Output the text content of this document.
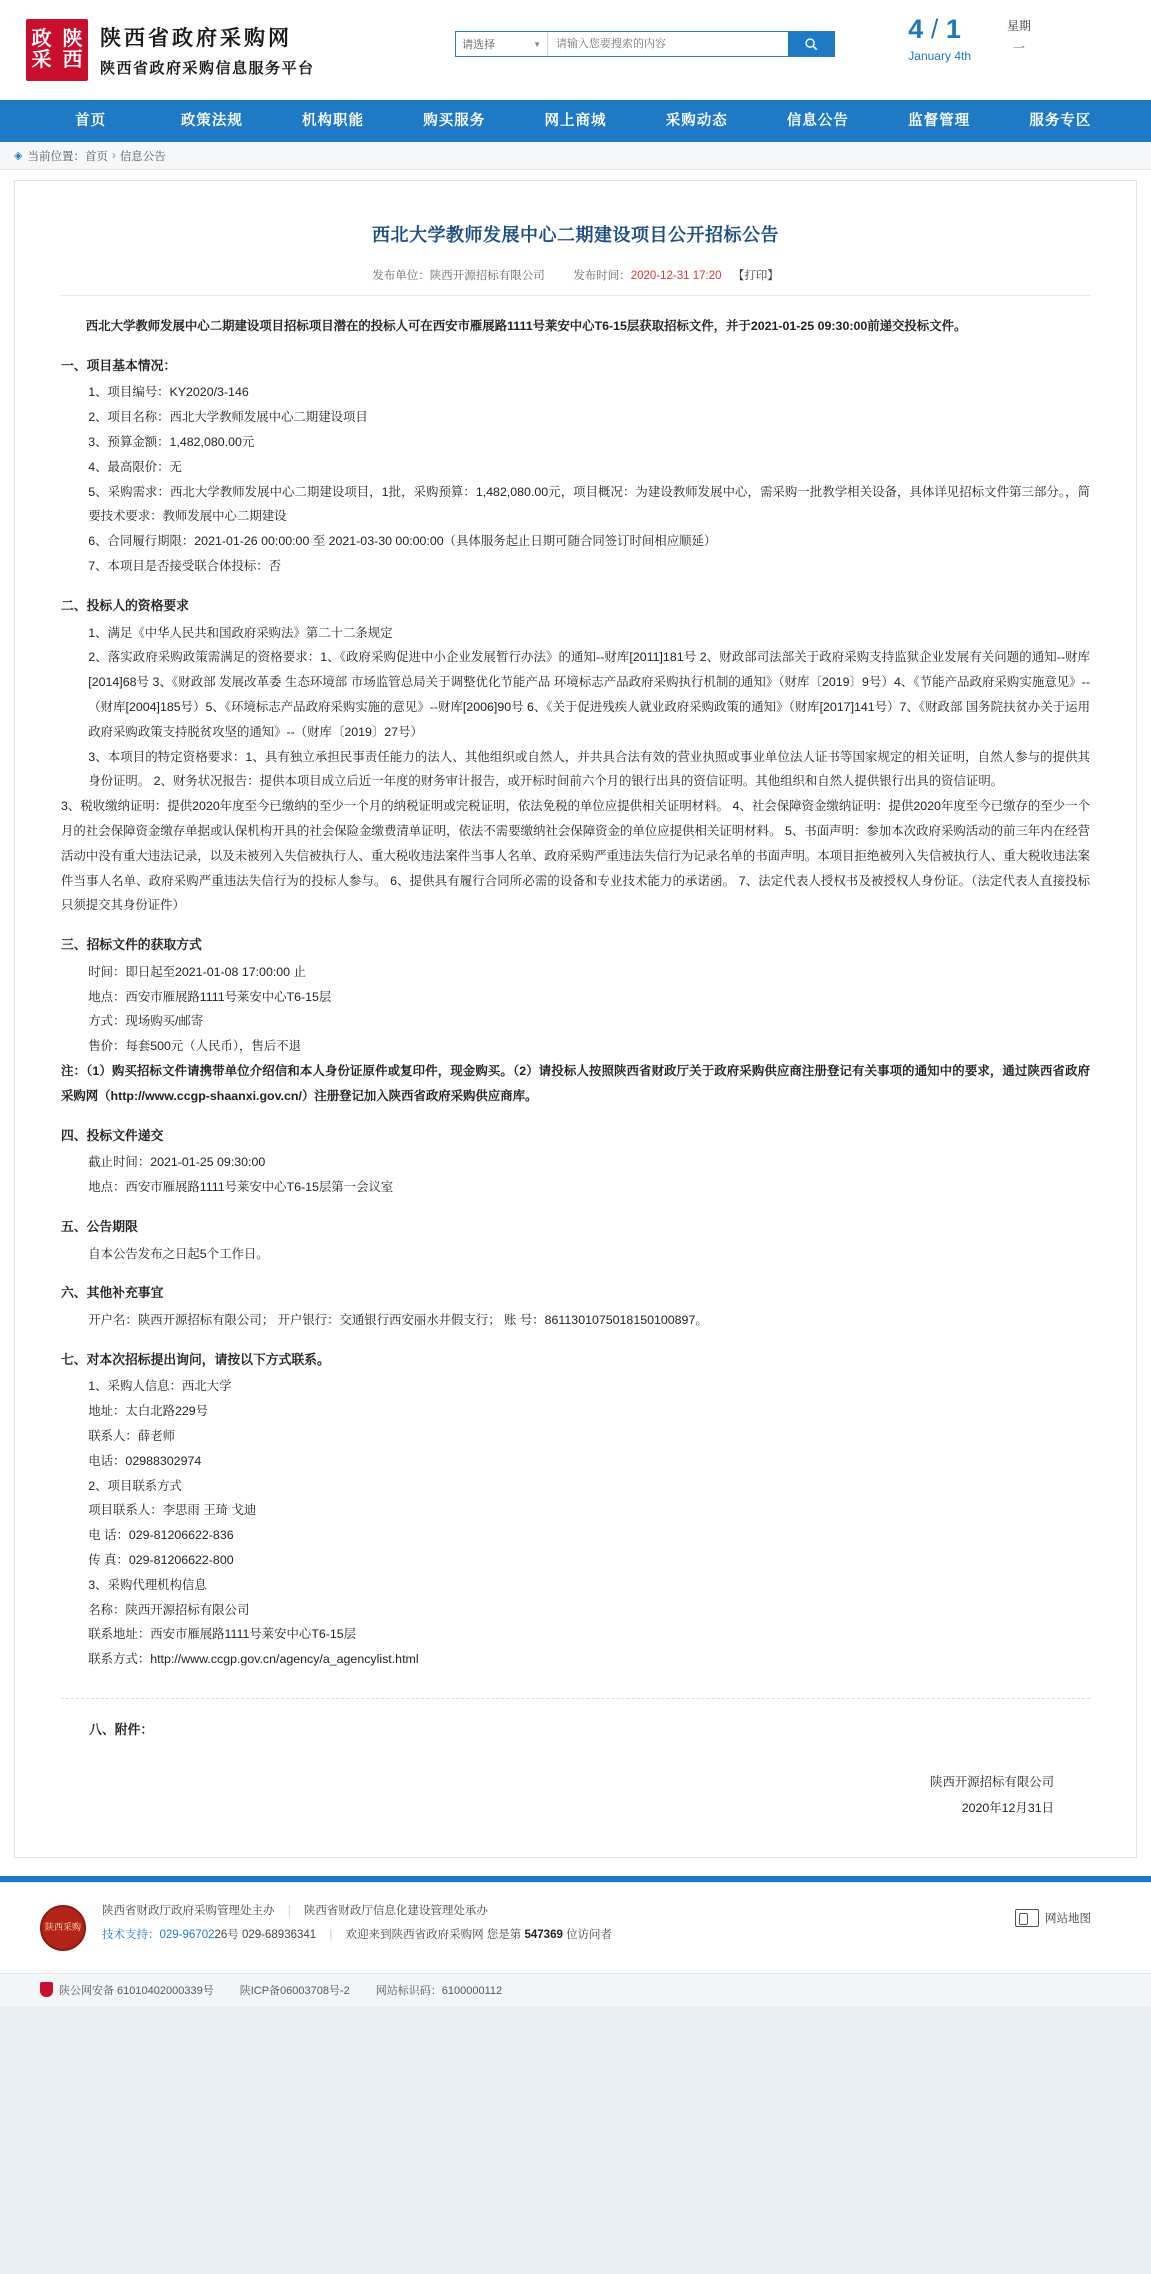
政 陕
采 西
陕西省政府采购网
陕西省政府采购信息服务平台
请选择	▼
请输入您要搜索的内容	4 / 1
January 4th
星期
一
首页	政策法规	机构职能	购买服务	网上商城	采购动态	信息公告	监督管理	服务专区
◈ 当前位置： 首页 › 信息公告
西北大学教师发展中心二期建设项目公开招标公告
发布单位：陕西开源招标有限公司 发布时间：2020-12-31 17:20 【打印】
西北大学教师发展中心二期建设项目招标项目潜在的投标人可在西安市雁展路1111号莱安中心T6-15层获取招标文件，并于2021-01-25 09:30:00前递交投标文件。
一、项目基本情况：
1、项目编号：KY2020/3-146
2、项目名称：西北大学教师发展中心二期建设项目
3、预算金额：1,482,080.00元
4、最高限价：无
5、采购需求：西北大学教师发展中心二期建设项目，1批，采购预算：1,482,080.00元，项目概况：为建设教师发展中心，需采购一批教学相关设备，具体详见招标文件第三部分。，简要技术要求：教师发展中心二期建设
6、合同履行期限：2021-01-26 00:00:00 至 2021-03-30 00:00:00（具体服务起止日期可随合同签订时间相应顺延）
7、本项目是否接受联合体投标：否
二、投标人的资格要求
1、满足《中华人民共和国政府采购法》第二十二条规定
2、落实政府采购政策需满足的资格要求：1、《政府采购促进中小企业发展暂行办法》的通知--财库[2011]181号 2、财政部司法部关于政府采购支持监狱企业发展有关问题的通知--财库[2014]68号 3、《财政部 发展改革委 生态环境部 市场监管总局关于调整优化节能产品 环境标志产品政府采购执行机制的通知》（财库〔2019〕9号）4、《节能产品政府采购实施意见》--（财库[2004]185号）5、《环境标志产品政府采购实施的意见》--财库[2006]90号 6、《关于促进残疾人就业政府采购政策的通知》（财库[2017]141号）7、《财政部 国务院扶贫办关于运用政府采购政策支持脱贫攻坚的通知》--（财库〔2019〕27号）
3、本项目的特定资格要求：1、具有独立承担民事责任能力的法人、其他组织或自然人，并共具合法有效的营业执照或事业单位法人证书等国家规定的相关证明，自然人参与的提供其身份证明。 2、财务状况报告：提供本项目成立后近一年度的财务审计报告，或开标时间前六个月的银行出具的资信证明。其他组织和自然人提供银行出具的资信证明。
3、税收缴纳证明：提供2020年度至今已缴纳的至少一个月的纳税证明或完税证明，依法免税的单位应提供相关证明材料。 4、社会保障资金缴纳证明：提供2020年度至今已缴存的至少一个月的社会保障资金缴存单据或认保机构开具的社会保险金缴费清单证明，依法不需要缴纳社会保障资金的单位应提供相关证明材料。 5、书面声明：参加本次政府采购活动的前三年内在经营活动中没有重大违法记录，以及未被列入失信被执行人、重大税收违法案件当事人名单、政府采购严重违法失信行为记录名单的书面声明。本项目拒绝被列入失信被执行人、重大税收违法案件当事人名单、政府采购严重违法失信行为的投标人参与。 6、提供具有履行合同所必需的设备和专业技术能力的承诺函。 7、法定代表人授权书及被授权人身份证。（法定代表人直接投标只须提交其身份证件）
三、招标文件的获取方式
时间：即日起至2021-01-08 17:00:00 止
地点：西安市雁展路1111号莱安中心T6-15层
方式：现场购买/邮寄
售价：每套500元（人民币），售后不退
注：（1）购买招标文件请携带单位介绍信和本人身份证原件或复印件，现金购买。（2）请投标人按照陕西省财政厅关于政府采购供应商注册登记有关事项的通知中的要求，通过陕西省政府采购网（http://www.ccgp-shaanxi.gov.cn/）注册登记加入陕西省政府采购供应商库。
四、投标文件递交
截止时间：2021-01-25 09:30:00
地点：西安市雁展路1111号莱安中心T6-15层第一会议室
五、公告期限
自本公告发布之日起5个工作日。
六、其他补充事宜
开户名：陕西开源招标有限公司； 开户银行：交通银行西安丽水井假支行； 账 号：8611301075018150100897。
七、对本次招标提出询问，请按以下方式联系。
1、采购人信息：西北大学
地址：太白北路229号
联系人：薛老师
电话：02988302974
2、项目联系方式
项目联系人：李思雨 王琦 戈迪
电 话：029-81206622-836
传 真：029-81206622-800
3、采购代理机构信息
名称：陕西开源招标有限公司
联系地址：西安市雁展路1111号莱安中心T6-15层
联系方式：http://www.ccgp.gov.cn/agency/a_agencylist.html
八、附件：
陕西开源招标有限公司
2020年12月31日
陕西采购
陕西省财政厅政府采购管理处主办 | 陕西省财政厅信息化建设管理处承办
技术支持：029-9670226号 029-68936341 | 欢迎来到陕西省政府采购网 您是第 547369 位访问者
网站地图
陕公网安备 61010402000339号 陕ICP备06003708号-2 网站标识码：6100000112
